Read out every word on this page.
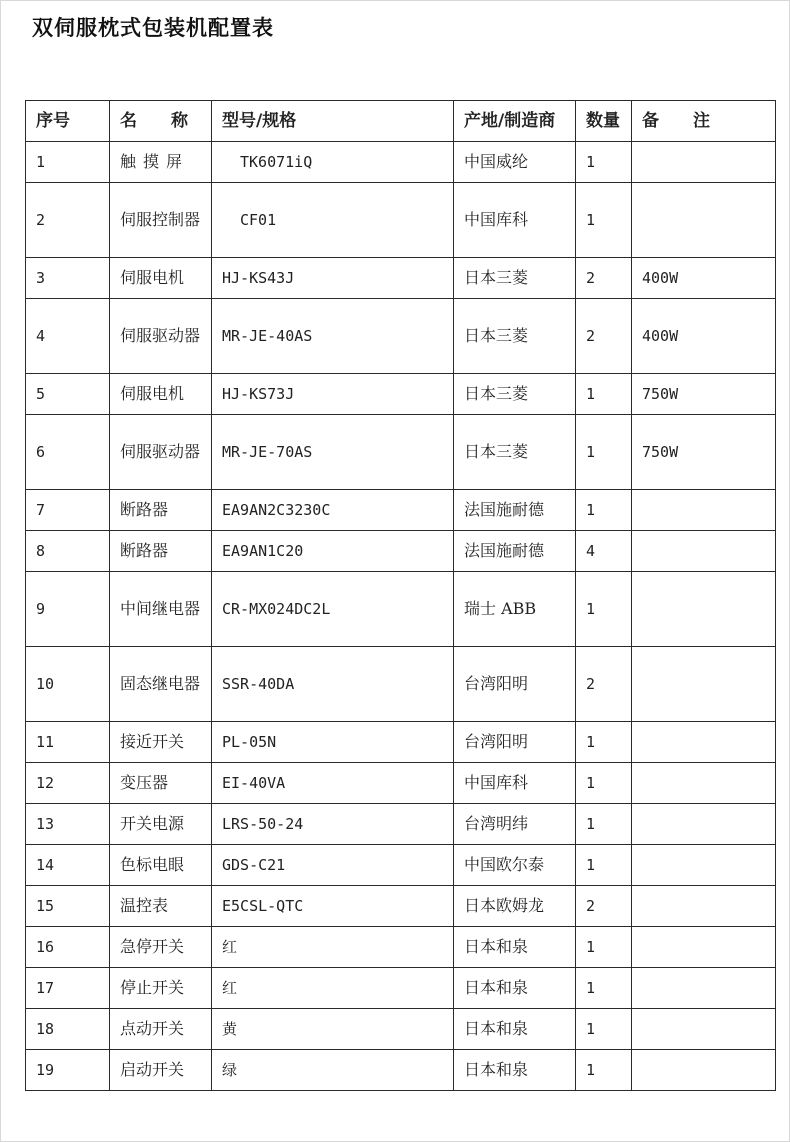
双伺服枕式包装机配置表
序号	名　　称	型号/规格	产地/制造商	数量	备　　注
1	触摸屏	TK6071iQ	中国威纶	1	
2	伺服控制器	CF01	中国库科	1	
3	伺服电机	HJ-KS43J	日本三菱	2	400W
4	伺服驱动器	MR-JE-40AS	日本三菱	2	400W
5	伺服电机	HJ-KS73J	日本三菱	1	750W
6	伺服驱动器	MR-JE-70AS	日本三菱	1	750W
7	断路器	EA9AN2C3230C	法国施耐德	1	
8	断路器	EA9AN1C20	法国施耐德	4	
9	中间继电器	CR-MX024DC2L	瑞士 ABB	1	
10	固态继电器	SSR-40DA	台湾阳明	2	
11	接近开关	PL-05N	台湾阳明	1	
12	变压器	EI-40VA	中国库科	1	
13	开关电源	LRS-50-24	台湾明纬	1	
14	色标电眼	GDS-C21	中国欧尔泰	1	
15	温控表	E5CSL-QTC	日本欧姆龙	2	
16	急停开关	红	日本和泉	1	
17	停止开关	红	日本和泉	1	
18	点动开关	黄	日本和泉	1	
19	启动开关	绿	日本和泉	1	
